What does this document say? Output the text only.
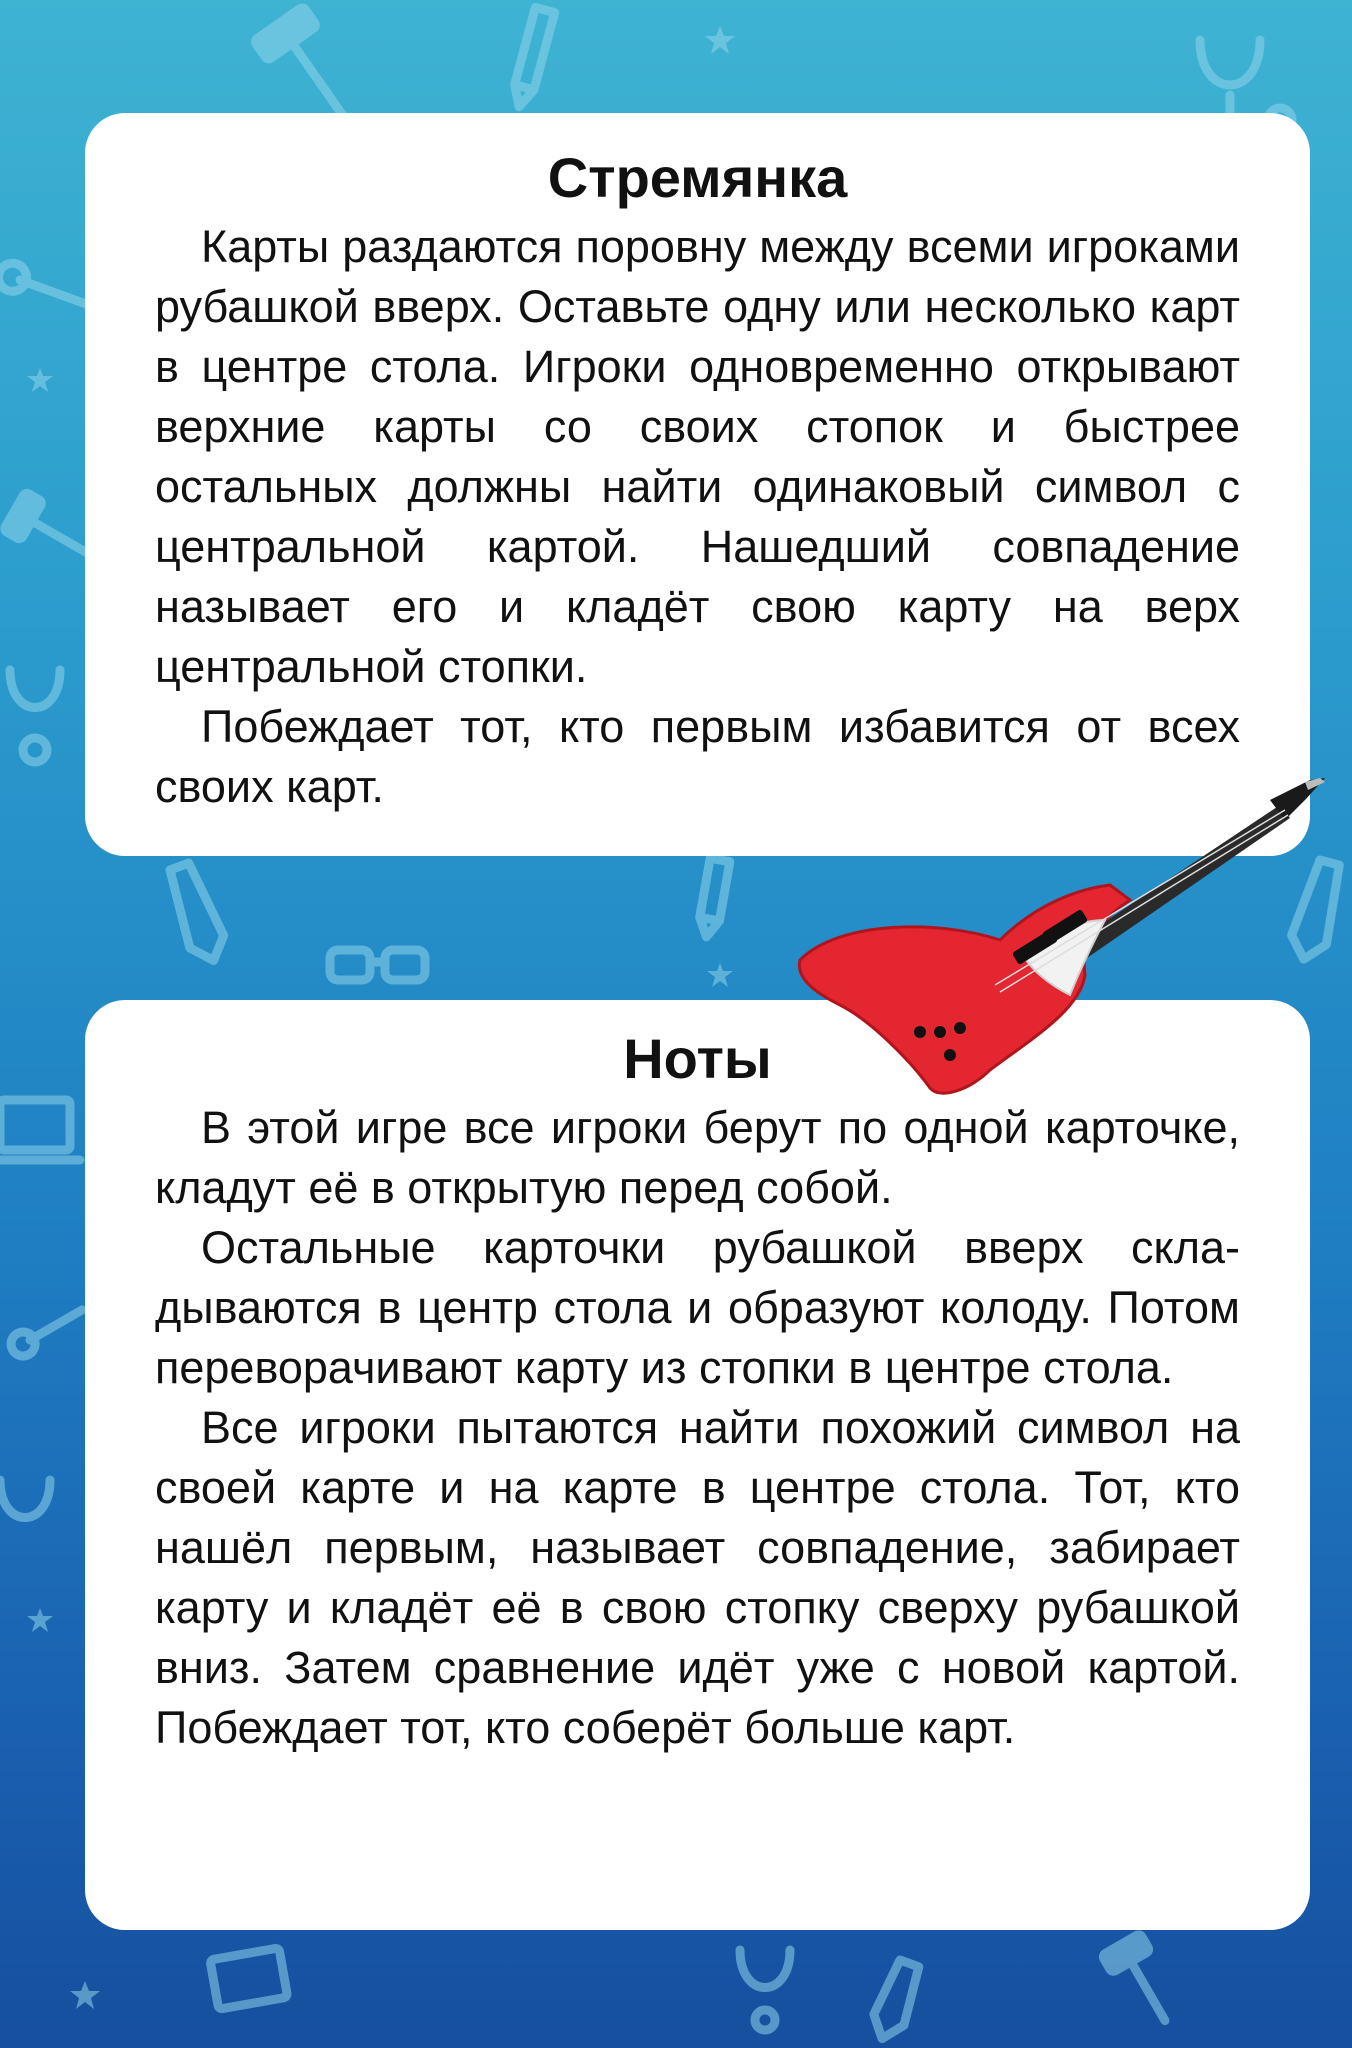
Стремянка

Карты раздаются поровну между всеми игроками рубашкой вверх. Оставьте одну или несколько карт в центре стола. Игроки одновременно открывают верхние карты со своих стопок и быстрее остальных должны найти одинаковый символ с центральной картой. Нашедший совпадение называет его и кладёт свою карту на верх центральной стопки.

Побеждает тот, кто первым избавится от всех своих карт.

Ноты

В этой игре все игроки берут по одной карточке, кладут её в открытую перед собой.

Остальные карточки рубашкой вверх складываются в центр стола и образуют колоду. Потом переворачивают карту из стопки в центре стола.

Все игроки пытаются найти похожий символ на своей карте и на карте в центре стола. Тот, кто нашёл первым, называет совпадение, забирает карту и кладёт её в свою стопку сверху рубашкой вниз. Затем сравнение идёт уже с новой картой. Побеждает тот, кто соберёт больше карт.
